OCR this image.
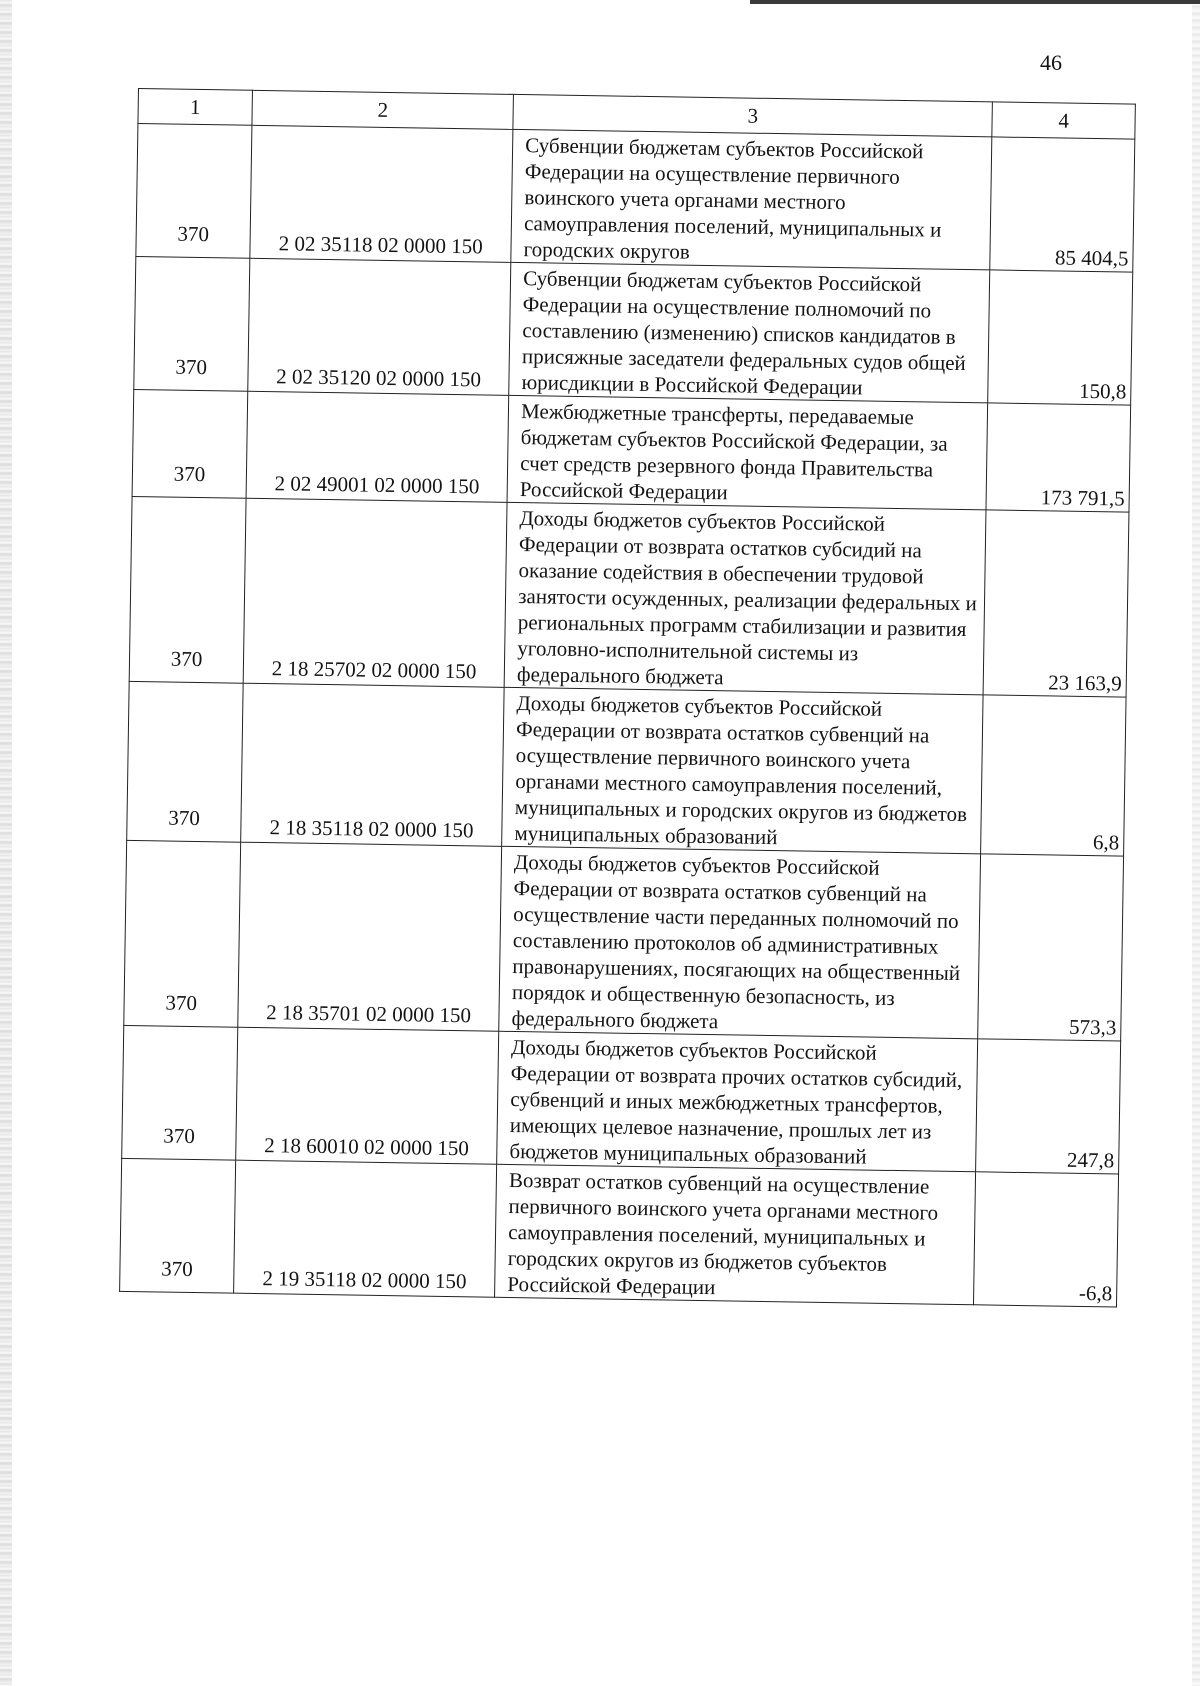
46
1	2	3	4
370	2 02 35118 02 0000 150	Субвенции бюджетам субъектов Российской Федерации на осуществление первичного воинского учета органами местного самоуправления поселений, муниципальных и городских округов	85 404,5
370	2 02 35120 02 0000 150	Субвенции бюджетам субъектов Российской Федерации на осуществление полномочий по составлению (изменению) списков кандидатов в присяжные заседатели федеральных судов общей юрисдикции в Российской Федерации	150,8
370	2 02 49001 02 0000 150	Межбюджетные трансферты, передаваемые бюджетам субъектов Российской Федерации, за счет средств резервного фонда Правительства Российской Федерации	173 791,5
370	2 18 25702 02 0000 150	Доходы бюджетов субъектов Российской Федерации от возврата остатков субсидий на оказание содействия в обеспечении трудовой занятости осужденных, реализации федеральных и региональных программ стабилизации и развития уголовно-исполнительной системы из федерального бюджета	23 163,9
370	2 18 35118 02 0000 150	Доходы бюджетов субъектов Российской Федерации от возврата остатков субвенций на осуществление первичного воинского учета органами местного самоуправления поселений, муниципальных и городских округов из бюджетов муниципальных образований	6,8
370	2 18 35701 02 0000 150	Доходы бюджетов субъектов Российской Федерации от возврата остатков субвенций на осуществление части переданных полномочий по составлению протоколов об административных правонарушениях, посягающих на общественный порядок и общественную безопасность, из федерального бюджета	573,3
370	2 18 60010 02 0000 150	Доходы бюджетов субъектов Российской Федерации от возврата прочих остатков субсидий, субвенций и иных межбюджетных трансфертов, имеющих целевое назначение, прошлых лет из бюджетов муниципальных образований	247,8
370	2 19 35118 02 0000 150	Возврат остатков субвенций на осуществление первичного воинского учета органами местного самоуправления поселений, муниципальных и городских округов из бюджетов субъектов Российской Федерации	-6,8
